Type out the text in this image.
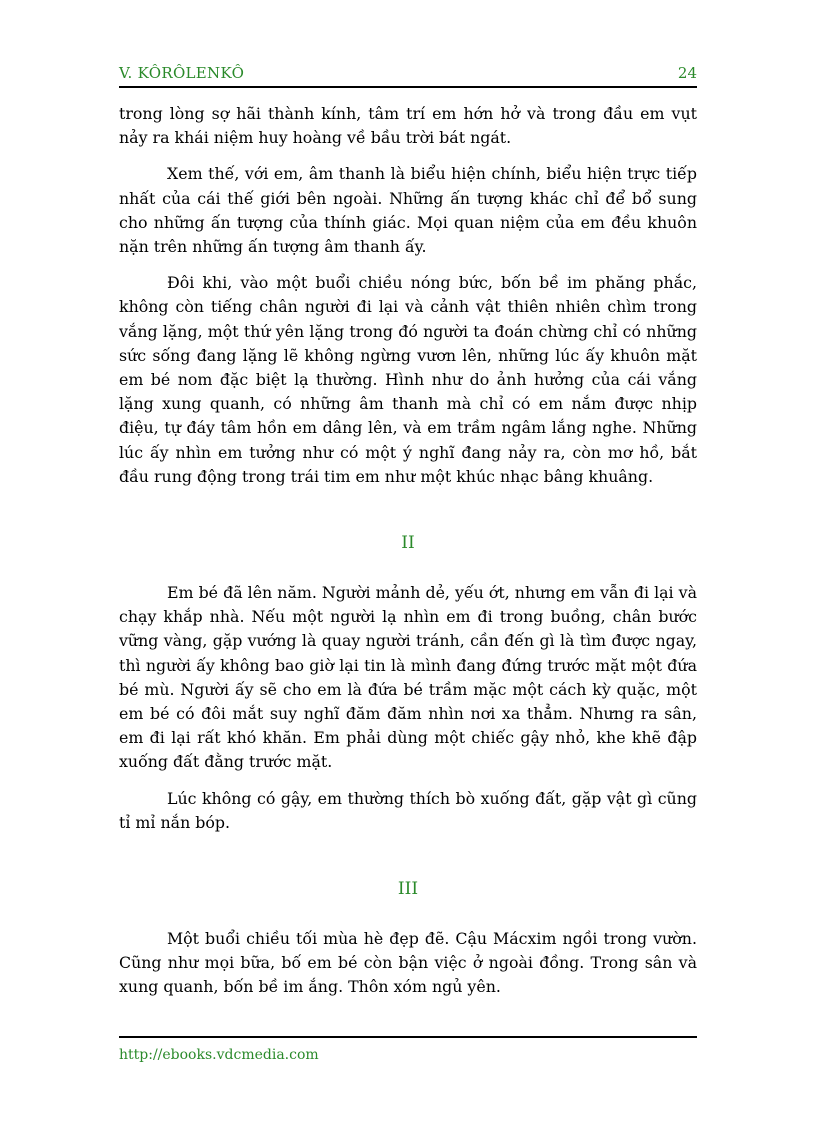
V. KÔRÔLENKÔ	24

trong lòng sợ hãi thành kính, tâm trí em hớn hở và trong đầu em vụt nảy ra khái niệm huy hoàng về bầu trời bát ngát.

Xem thế, với em, âm thanh là biểu hiện chính, biểu hiện trực tiếp nhất của cái thế giới bên ngoài. Những ấn tượng khác chỉ để bổ sung cho những ấn tượng của thính giác. Mọi quan niệm của em đều khuôn nặn trên những ấn tượng âm thanh ấy.

Đôi khi, vào một buổi chiều nóng bức, bốn bề im phăng phắc, không còn tiếng chân người đi lại và cảnh vật thiên nhiên chìm trong vắng lặng, một thứ yên lặng trong đó người ta đoán chừng chỉ có những sức sống đang lặng lẽ không ngừng vươn lên, những lúc ấy khuôn mặt em bé nom đặc biệt lạ thường. Hình như do ảnh hưởng của cái vắng lặng xung quanh, có những âm thanh mà chỉ có em nắm được nhịp điệu, tự đáy tâm hồn em dâng lên, và em trầm ngâm lắng nghe. Những lúc ấy nhìn em tưởng như có một ý nghĩ đang nảy ra, còn mơ hồ, bắt đầu rung động trong trái tim em như một khúc nhạc bâng khuâng.

II

Em bé đã lên năm. Người mảnh dẻ, yếu ớt, nhưng em vẫn đi lại và chạy khắp nhà. Nếu một người lạ nhìn em đi trong buồng, chân bước vững vàng, gặp vướng là quay người tránh, cần đến gì là tìm được ngay, thì người ấy không bao giờ lại tin là mình đang đứng trước mặt một đứa bé mù. Người ấy sẽ cho em là đứa bé trầm mặc một cách kỳ quặc, một em bé có đôi mắt suy nghĩ đăm đăm nhìn nơi xa thẳm. Nhưng ra sân, em đi lại rất khó khăn. Em phải dùng một chiếc gậy nhỏ, khe khẽ đập xuống đất đằng trước mặt.

Lúc không có gậy, em thường thích bò xuống đất, gặp vật gì cũng tỉ mỉ nắn bóp.

III

Một buổi chiều tối mùa hè đẹp đẽ. Cậu Mácxim ngồi trong vườn. Cũng như mọi bữa, bố em bé còn bận việc ở ngoài đồng. Trong sân và xung quanh, bốn bề im ắng. Thôn xóm ngủ yên.

http://ebooks.vdcmedia.com
